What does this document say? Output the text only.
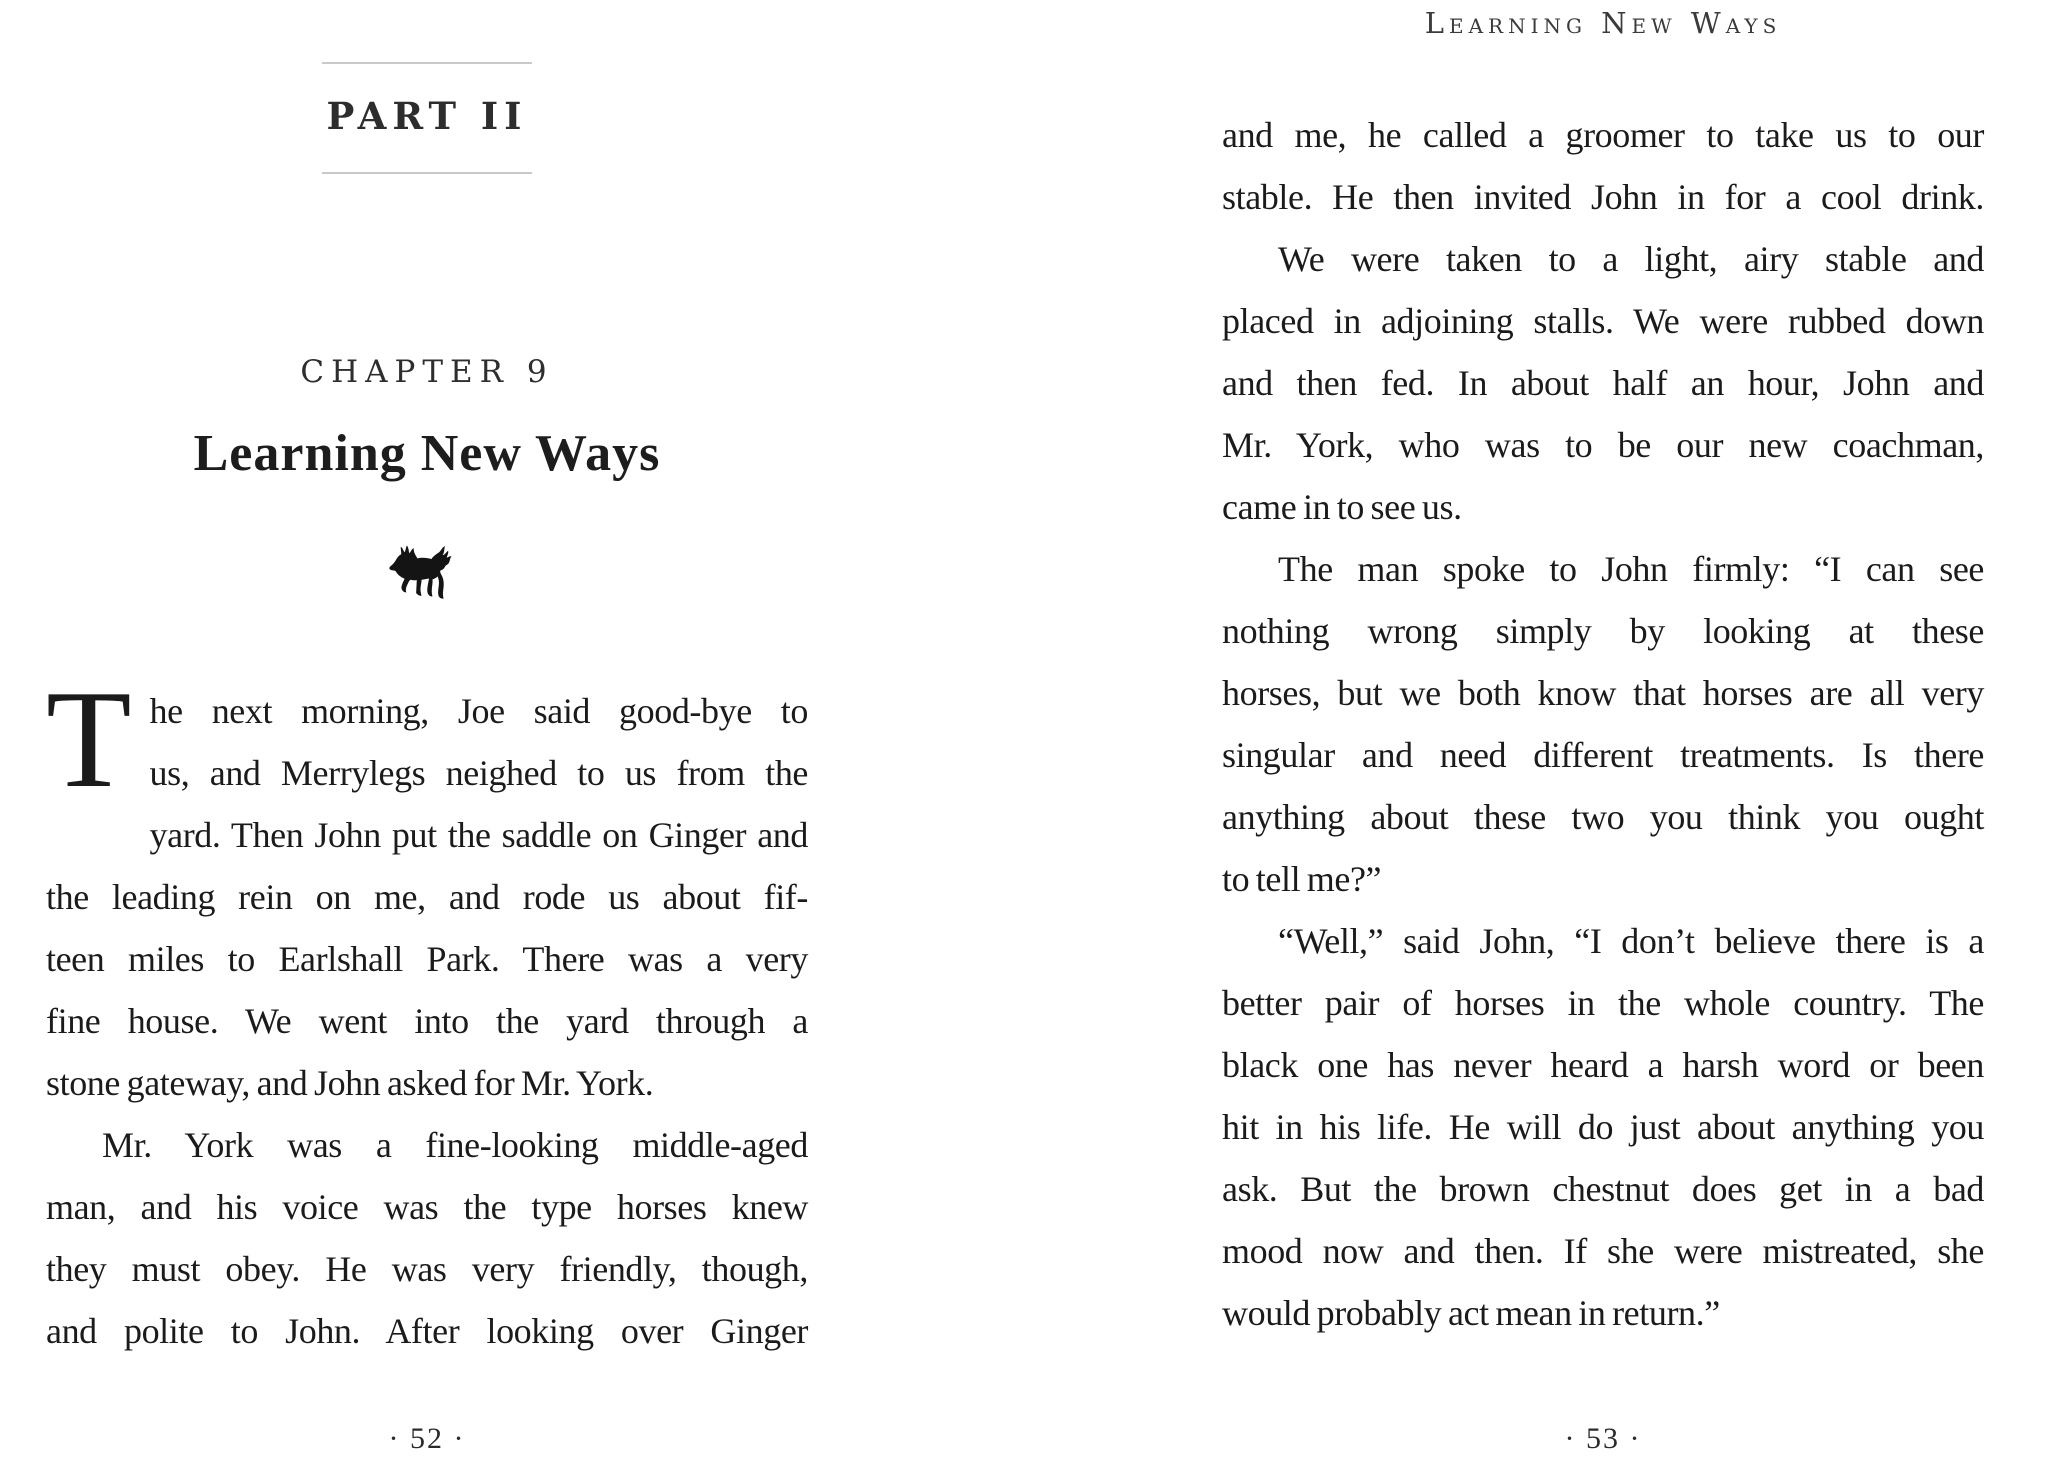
PART II
CHAPTER 9
Learning New Ways
T he next morning, Joe said good-bye to
us, and Merrylegs neighed to us from the
yard. Then John put the saddle on Ginger and
the leading rein on me, and rode us about fif-
teen miles to Earlshall Park. There was a very
fine house. We went into the yard through a
stone gateway, and John asked for Mr. York.
Mr. York was a fine-looking middle-aged
man, and his voice was the type horses knew
they must obey. He was very friendly, though,
and polite to John. After looking over Ginger
· 52 ·
Learning New Ways
and me, he called a groomer to take us to our
stable. He then invited John in for a cool drink.
We were taken to a light, airy stable and
placed in adjoining stalls. We were rubbed down
and then fed. In about half an hour, John and
Mr. York, who was to be our new coachman,
came in to see us.
The man spoke to John firmly: “I can see
nothing wrong simply by looking at these
horses, but we both know that horses are all very
singular and need different treatments. Is there
anything about these two you think you ought
to tell me?”
“Well,” said John, “I don’t believe there is a
better pair of horses in the whole country. The
black one has never heard a harsh word or been
hit in his life. He will do just about anything you
ask. But the brown chestnut does get in a bad
mood now and then. If she were mistreated, she
would probably act mean in return.”
· 53 ·
